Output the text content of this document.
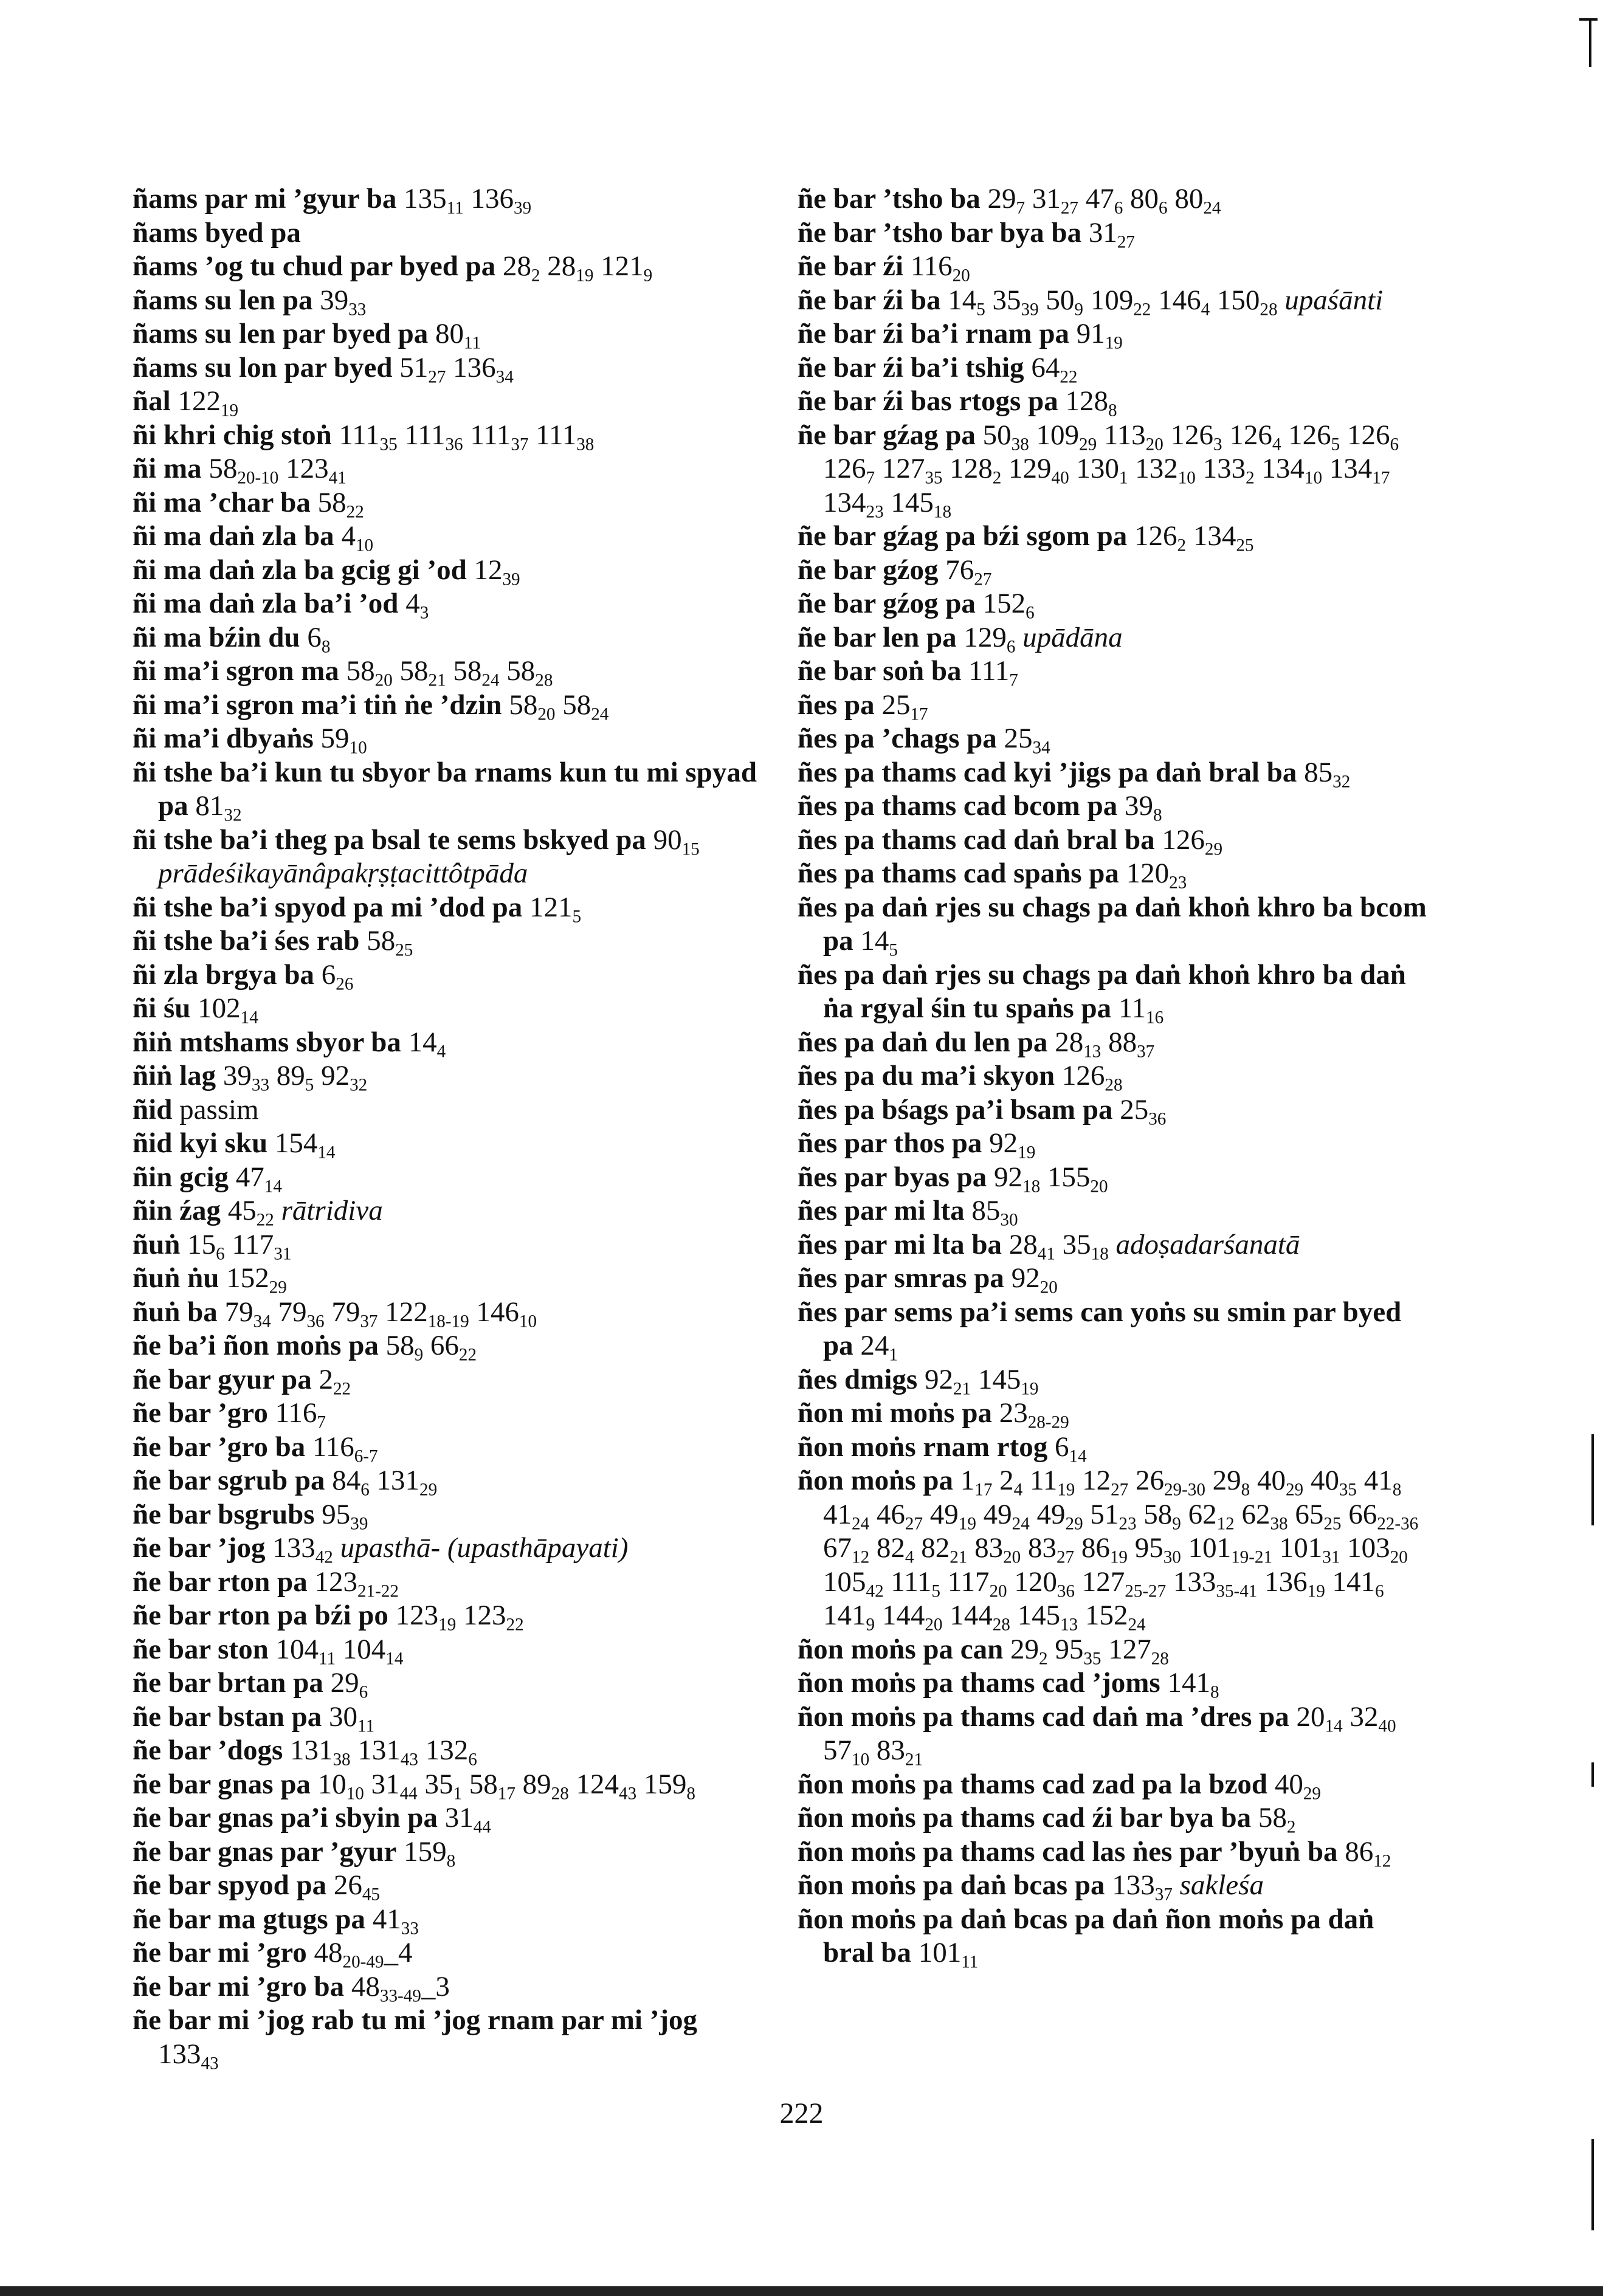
ñams par mi ’gyur ba $135_{11}$ $136_{39}$
ñams byed pa
ñams ’og tu chud par byed pa $28_2$ $28_{19}$ $121_9$
ñams su len pa $39_{33}$
ñams su len par byed pa $80_{11}$
ñams su lon par byed $51_{27}$ $136_{34}$
ñal $122_{19}$
ñi khri chig stoṅ $111_{35}$ $111_{36}$ $111_{37}$ $111_{38}$
ñi ma $58_{20-10}$ $123_{41}$
ñi ma ’char ba $58_{22}$
ñi ma daṅ zla ba $4_{10}$
ñi ma daṅ zla ba gcig gi ’od $12_{39}$
ñi ma daṅ zla ba’i ’od $4_3$
ñi ma bźin du $6_8$
ñi ma’i sgron ma $58_{20}$ $58_{21}$ $58_{24}$ $58_{28}$
ñi ma’i sgron ma’i tiṅ ṅe ’dzin $58_{20}$ $58_{24}$
ñi ma’i dbyaṅs $59_{10}$
ñi tshe ba’i kun tu sbyor ba rnams kun tu mi spyad pa $81_{32}$
ñi tshe ba’i theg pa bsal te sems bskyed pa $90_{15}$ prādeśikayānâpakṛṣṭacittôtpāda
ñi tshe ba’i spyod pa mi ’dod pa $121_5$
ñi tshe ba’i śes rab $58_{25}$
ñi zla brgya ba $6_{26}$
ñi śu $102_{14}$
ñiṅ mtshams sbyor ba $14_4$
ñiṅ lag $39_{33}$ $89_5$ $92_{32}$
ñid passim
ñid kyi sku $154_{14}$
ñin gcig $47_{14}$
ñin źag $45_{22}$ rātridiva
ñuṅ $15_6$ $117_{31}$
ñuṅ ṅu $152_{29}$
ñuṅ ba $79_{34}$ $79_{36}$ $79_{37}$ $122_{18-19}$ $146_{10}$
ñe ba’i ñon moṅs pa $58_9$ $66_{22}$
ñe bar gyur pa $2_{22}$
ñe bar ’gro $116_7$
ñe bar ’gro ba $116_{6-7}$
ñe bar sgrub pa $84_6$ $131_{29}$
ñe bar bsgrubs $95_{39}$
ñe bar ’jog $133_{42}$ upasthā- (upasthāpayati)
ñe bar rton pa $123_{21-22}$
ñe bar rton pa bźi po $123_{19}$ $123_{22}$
ñe bar ston $104_{11}$ $104_{14}$
ñe bar brtan pa $29_6$
ñe bar bstan pa $30_{11}$
ñe bar ’dogs $131_{38}$ $131_{43}$ $132_6$
ñe bar gnas pa $10_{10}$ $31_{44}$ $35_1$ $58_{17}$ $89_{28}$ $124_{43}$ $159_8$
ñe bar gnas pa’i sbyin pa $31_{44}$
ñe bar gnas par ’gyur $159_8$
ñe bar spyod pa $26_{45}$
ñe bar ma gtugs pa $41_{33}$
ñe bar mi ’gro $48_{20-49}\_4$
ñe bar mi ’gro ba $48_{33-49}\_3$
ñe bar mi ’jog rab tu mi ’jog rnam par mi ’jog $133_{43}$
ñe bar ’tsho ba $29_7$ $31_{27}$ $47_6$ $80_6$ $80_{24}$
ñe bar ’tsho bar bya ba $31_{27}$
ñe bar źi $116_{20}$
ñe bar źi ba $14_5$ $35_{39}$ $50_9$ $109_{22}$ $146_4$ $150_{28}$ upaśānti
ñe bar źi ba’i rnam pa $91_{19}$
ñe bar źi ba’i tshig $64_{22}$
ñe bar źi bas rtogs pa $128_8$
ñe bar gźag pa $50_{38}$ $109_{29}$ $113_{20}$ $126_3$ $126_4$ $126_5$ $126_6$ $126_7$ $127_{35}$ $128_2$ $129_{40}$ $130_1$ $132_{10}$ $133_2$ $134_{10}$ $134_{17}$ $134_{23}$ $145_{18}$
ñe bar gźag pa bźi sgom pa $126_2$ $134_{25}$
ñe bar gźog $76_{27}$
ñe bar gźog pa $152_6$
ñe bar len pa $129_6$ upādāna
ñe bar soṅ ba $111_7$
ñes pa $25_{17}$
ñes pa ’chags pa $25_{34}$
ñes pa thams cad kyi ’jigs pa daṅ bral ba $85_{32}$
ñes pa thams cad bcom pa $39_8$
ñes pa thams cad daṅ bral ba $126_{29}$
ñes pa thams cad spaṅs pa $120_{23}$
ñes pa daṅ rjes su chags pa daṅ khoṅ khro ba bcom pa $14_5$
ñes pa daṅ rjes su chags pa daṅ khoṅ khro ba daṅ ṅa rgyal śin tu spaṅs pa $11_{16}$
ñes pa daṅ du len pa $28_{13}$ $88_{37}$
ñes pa du ma’i skyon $126_{28}$
ñes pa bśags pa’i bsam pa $25_{36}$
ñes par thos pa $92_{19}$
ñes par byas pa $92_{18}$ $155_{20}$
ñes par mi lta $85_{30}$
ñes par mi lta ba $28_{41}$ $35_{18}$ adoṣadarśanatā
ñes par smras pa $92_{20}$
ñes par sems pa’i sems can yoṅs su smin par byed pa $24_1$
ñes dmigs $92_{21}$ $145_{19}$
ñon mi moṅs pa $23_{28-29}$
ñon moṅs rnam rtog $6_{14}$
ñon moṅs pa $1_{17}$ $2_4$ $11_{19}$ $12_{27}$ $26_{29-30}$ $29_8$ $40_{29}$ $40_{35}$ $41_8$ $41_{24}$ $46_{27}$ $49_{19}$ $49_{24}$ $49_{29}$ $51_{23}$ $58_9$ $62_{12}$ $62_{38}$ $65_{25}$ $66_{22-36}$ $67_{12}$ $82_4$ $82_{21}$ $83_{20}$ $83_{27}$ $86_{19}$ $95_{30}$ $101_{19-21}$ $101_{31}$ $103_{20}$ $105_{42}$ $111_5$ $117_{20}$ $120_{36}$ $127_{25-27}$ $133_{35-41}$ $136_{19}$ $141_6$ $141_9$ $144_{20}$ $144_{28}$ $145_{13}$ $152_{24}$
ñon moṅs pa can $29_2$ $95_{35}$ $127_{28}$
ñon moṅs pa thams cad ’joms $141_8$
ñon moṅs pa thams cad daṅ ma ’dres pa $20_{14}$ $32_{40}$ $57_{10}$ $83_{21}$
ñon moṅs pa thams cad zad pa la bzod $40_{29}$
ñon moṅs pa thams cad źi bar bya ba $58_2$
ñon moṅs pa thams cad las ṅes par ’byuṅ ba $86_{12}$
ñon moṅs pa daṅ bcas pa $133_{37}$ sakleśa
ñon moṅs pa daṅ bcas pa daṅ ñon moṅs pa daṅ bral ba $101_{11}$
222
